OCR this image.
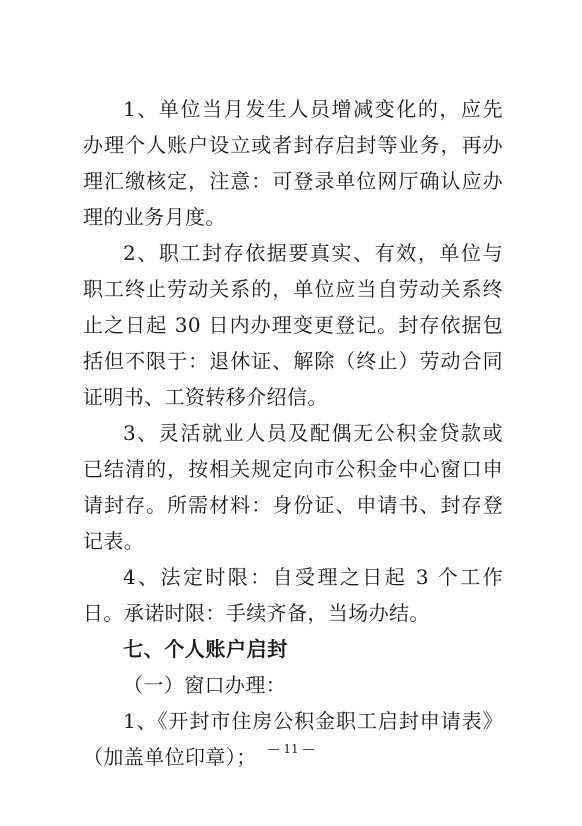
1、单位当月发生人员增减变化的，应先办理个人账户设立或者封存启封等业务，再办理汇缴核定，注意：可登录单位网厅确认应办理的业务月度。

2、职工封存依据要真实、有效，单位与职工终止劳动关系的，单位应当自劳动关系终止之日起 30 日内办理变更登记。封存依据包括但不限于：退休证、解除（终止）劳动合同证明书、工资转移介绍信。

3、灵活就业人员及配偶无公积金贷款或已结清的，按相关规定向市公积金中心窗口申请封存。所需材料：身份证、申请书、封存登记表。

4、法定时限：自受理之日起 3 个工作日。承诺时限：手续齐备，当场办结。

七、个人账户启封

（一）窗口办理：

1、《开封市住房公积金职工启封申请表》（加盖单位印章）； — 11 —
